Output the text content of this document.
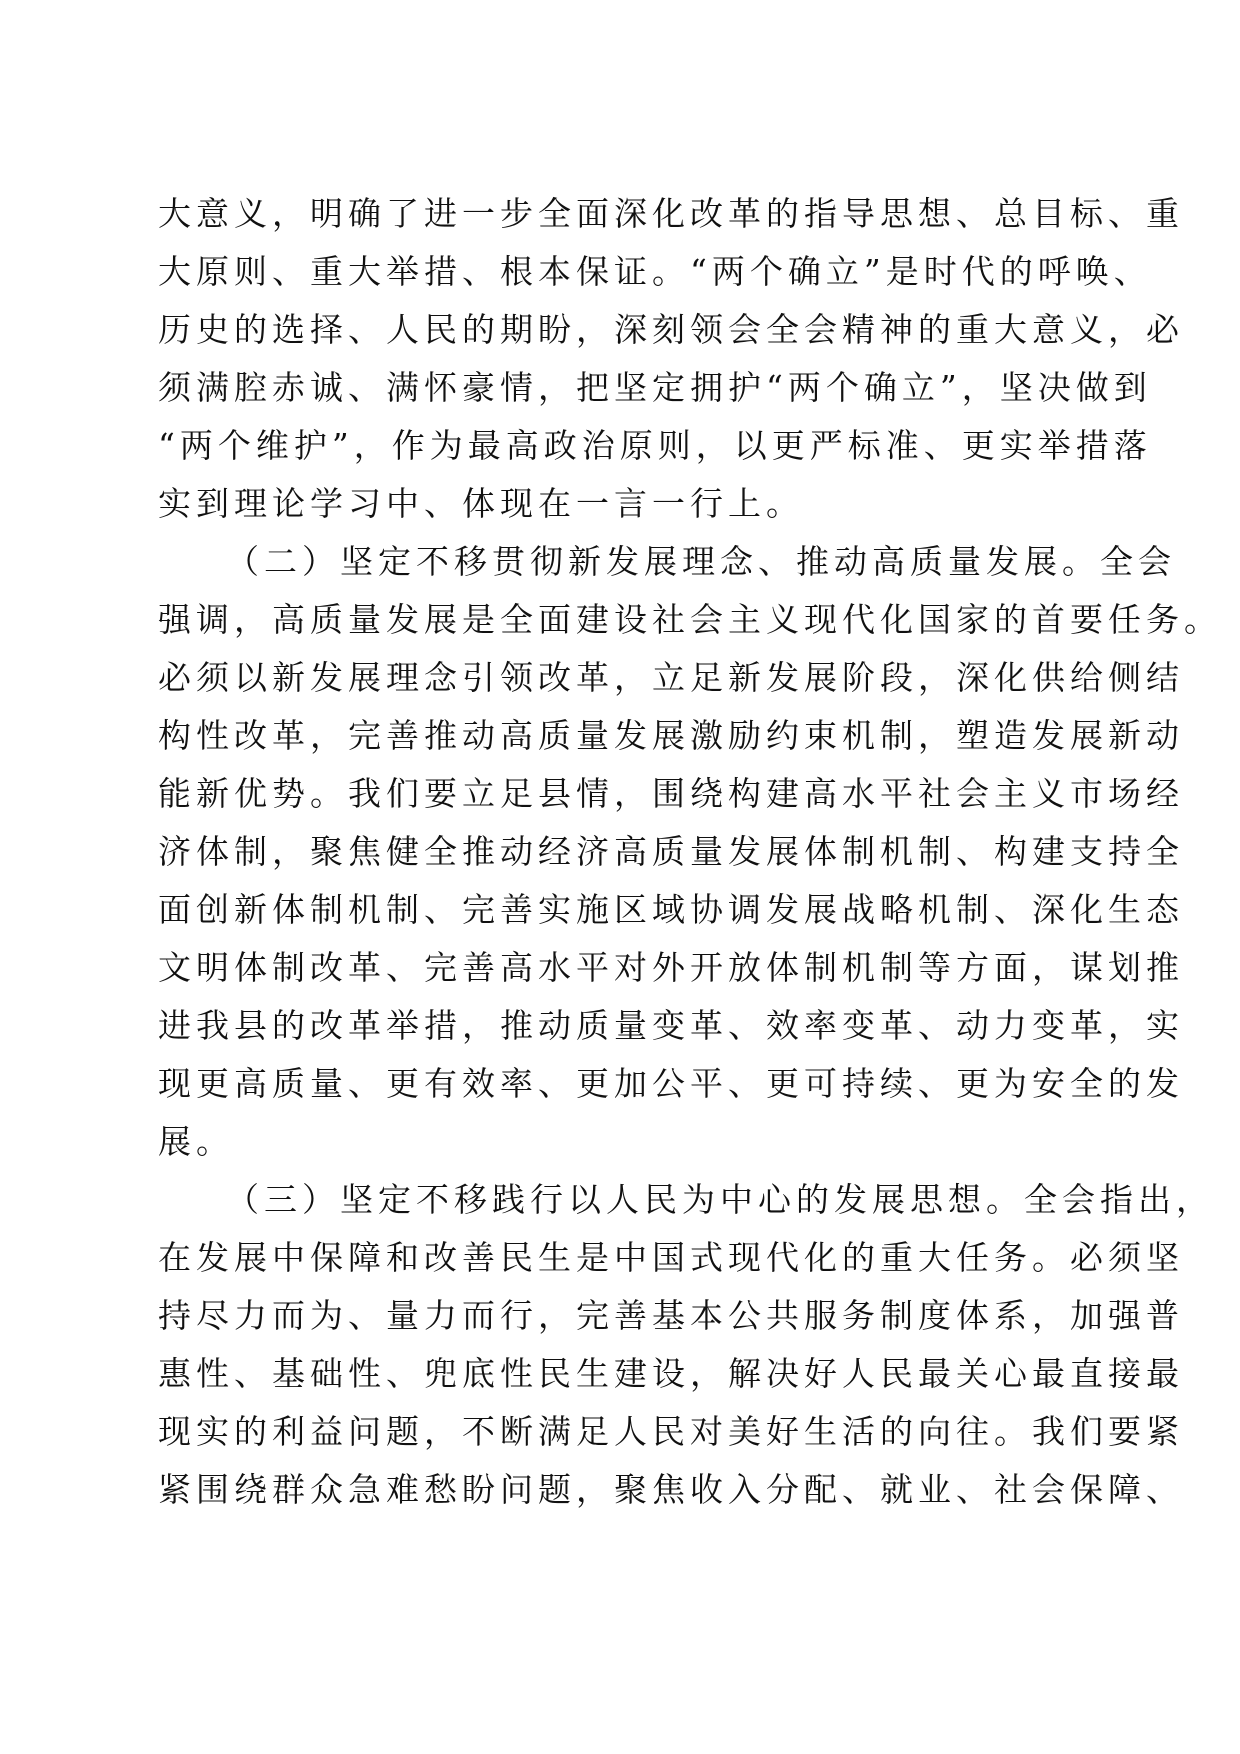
大意义，明确了进一步全面深化改革的指导思想、总目标、重
大原则、重大举措、根本保证。“两个确立”是时代的呼唤、
历史的选择、人民的期盼，深刻领会全会精神的重大意义，必
须满腔赤诚、满怀豪情，把坚定拥护“两个确立”，坚决做到
“两个维护”，作为最高政治原则，以更严标准、更实举措落
实到理论学习中、体现在一言一行上。
（二）坚定不移贯彻新发展理念、推动高质量发展。全会
强调，高质量发展是全面建设社会主义现代化国家的首要任务。
必须以新发展理念引领改革，立足新发展阶段，深化供给侧结
构性改革，完善推动高质量发展激励约束机制，塑造发展新动
能新优势。我们要立足县情，围绕构建高水平社会主义市场经
济体制，聚焦健全推动经济高质量发展体制机制、构建支持全
面创新体制机制、完善实施区域协调发展战略机制、深化生态
文明体制改革、完善高水平对外开放体制机制等方面，谋划推
进我县的改革举措，推动质量变革、效率变革、动力变革，实
现更高质量、更有效率、更加公平、更可持续、更为安全的发
展。
（三）坚定不移践行以人民为中心的发展思想。全会指出，
在发展中保障和改善民生是中国式现代化的重大任务。必须坚
持尽力而为、量力而行，完善基本公共服务制度体系，加强普
惠性、基础性、兜底性民生建设，解决好人民最关心最直接最
现实的利益问题，不断满足人民对美好生活的向往。我们要紧
紧围绕群众急难愁盼问题，聚焦收入分配、就业、社会保障、
